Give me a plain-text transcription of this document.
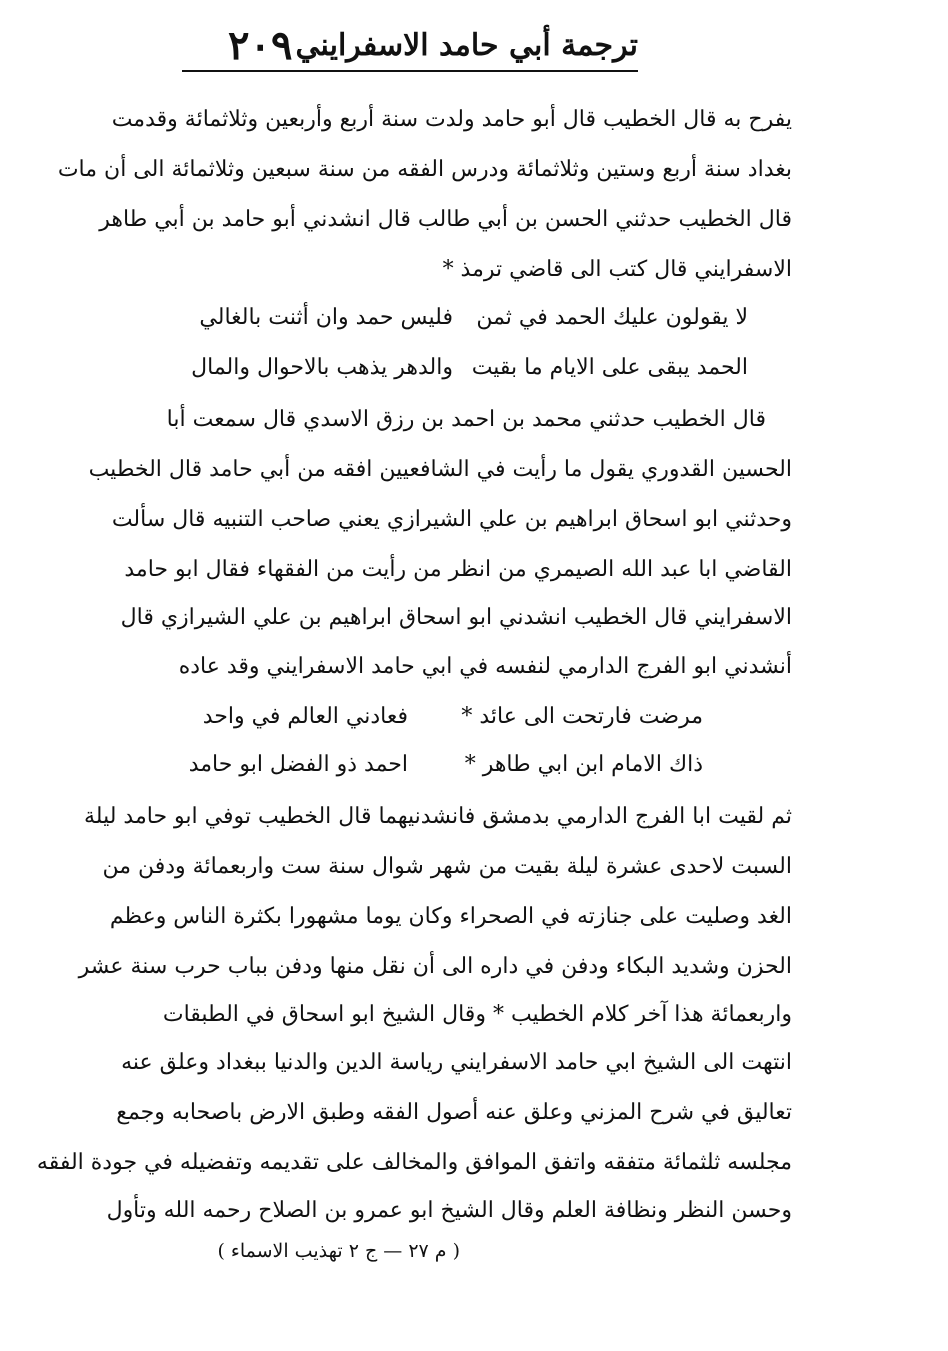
ترجمة أبي حامد الاسفرايني
٢٠٩
يفرح به قال الخطيب قال أبو حامد ولدت سنة أربع وأربعين وثلاثمائة وقدمت
بغداد سنة أربع وستين وثلاثمائة ودرس الفقه من سنة سبعين وثلاثمائة الى أن مات
قال الخطيب حدثني الحسن بن أبي طالب قال انشدني أبو حامد بن أبي طاهر
الاسفرايني قال كتب الى قاضي ترمذ *
لا يقولون عليك الحمد في ثمن
فليس حمد وان أثنت بالغالي
الحمد يبقى على الايام ما بقيت
والدهر يذهب بالاحوال والمال
قال الخطيب حدثني محمد بن احمد بن رزق الاسدي قال سمعت أبا
الحسين القدوري يقول ما رأيت في الشافعيين افقه من أبي حامد قال الخطيب
وحدثني ابو اسحاق ابراهيم بن علي الشيرازي يعني صاحب التنبيه قال سألت
القاضي ابا عبد الله الصيمري من انظر من رأيت من الفقهاء فقال ابو حامد
الاسفرايني قال الخطيب انشدني ابو اسحاق ابراهيم بن علي الشيرازي قال
أنشدني ابو الفرج الدارمي لنفسه في ابي حامد الاسفرايني وقد عاده
مرضت فارتحت الى عائد *
فعادني العالم في واحد
ذاك الامام ابن ابي طاهر *
احمد ذو الفضل ابو حامد
ثم لقيت ابا الفرج الدارمي بدمشق فانشدنيهما قال الخطيب توفي ابو حامد ليلة
السبت لاحدى عشرة ليلة بقيت من شهر شوال سنة ست واربعمائة ودفن من
الغد وصليت على جنازته في الصحراء وكان يوما مشهورا بكثرة الناس وعظم
الحزن وشديد البكاء ودفن في داره الى أن نقل منها ودفن بباب حرب سنة عشر
واربعمائة هذا آخر كلام الخطيب * وقال الشيخ ابو اسحاق في الطبقات
انتهت الى الشيخ ابي حامد الاسفرايني رياسة الدين والدنيا ببغداد وعلق عنه
تعاليق في شرح المزني وعلق عنه أصول الفقه وطبق الارض باصحابه وجمع
مجلسه ثلثمائة متفقه واتفق الموافق والمخالف على تقديمه وتفضيله في جودة الفقه
وحسن النظر ونظافة العلم وقال الشيخ ابو عمرو بن الصلاح رحمه الله وتأول
( م ٢٧ — ج ٢ تهذيب الاسماء )
